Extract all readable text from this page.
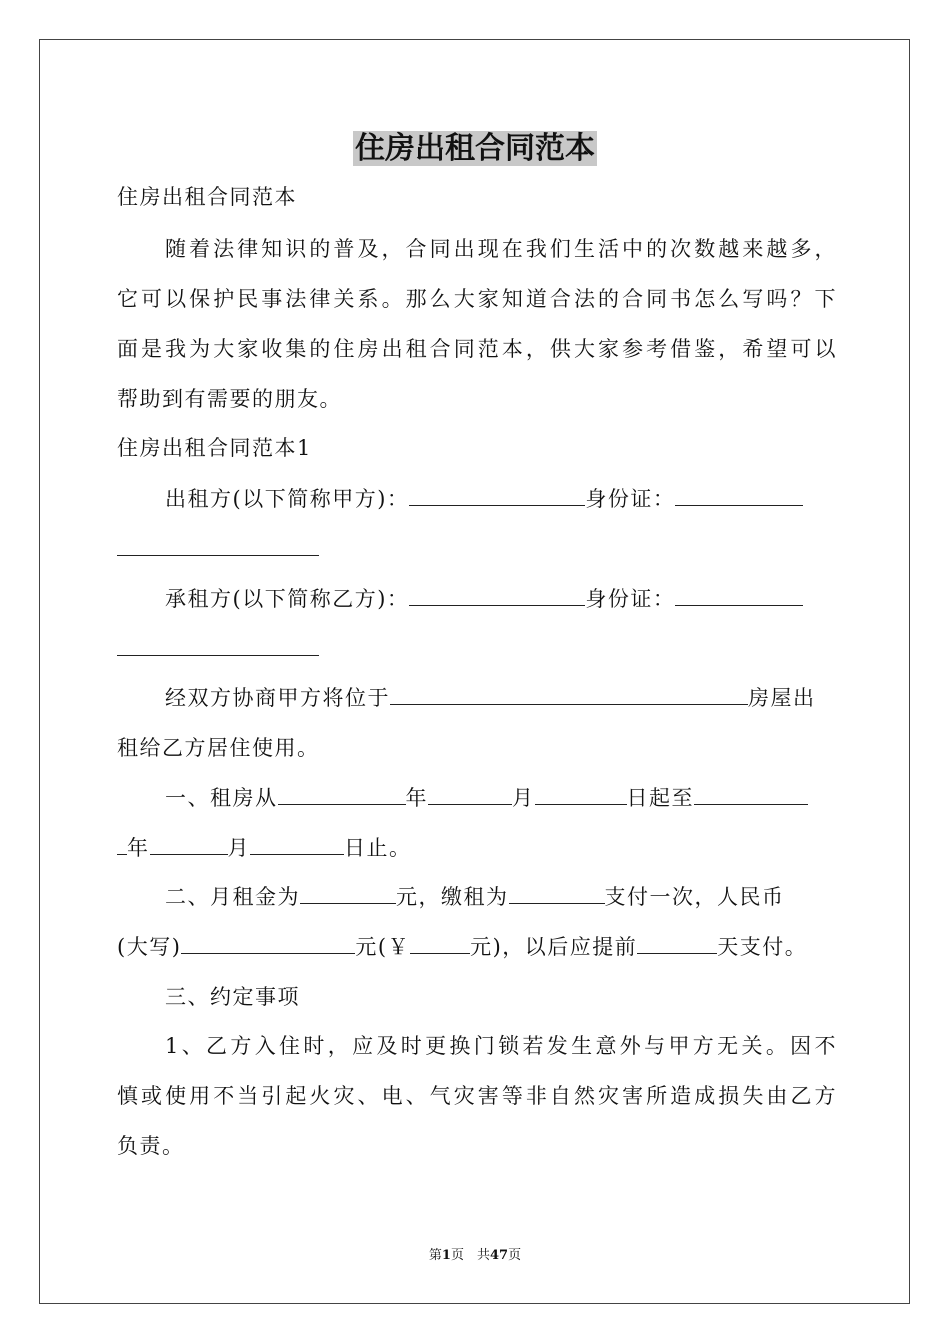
住房出租合同范本
住房出租合同范本
随着法律知识的普及，合同出现在我们生活中的次数越来越多，
它可以保护民事法律关系。那么大家知道合法的合同书怎么写吗？下
面是我为大家收集的住房出租合同范本，供大家参考借鉴，希望可以
帮助到有需要的朋友。
住房出租合同范本1
出租方(以下简称甲方)：	身份证：
承租方(以下简称乙方)：	身份证：
经双方协商甲方将位于	房屋出
租给乙方居住使用。
一、租房从	年	月	日起至
年	月	日止。
二、月租金为	元，缴租为	支付一次，人民币
(大写)	元(￥	元)，以后应提前	天支付。
三、约定事项
1、乙方入住时，应及时更换门锁若发生意外与甲方无关。因不
慎或使用不当引起火灾、电、气灾害等非自然灾害所造成损失由乙方
负责。
第1页　共47页
